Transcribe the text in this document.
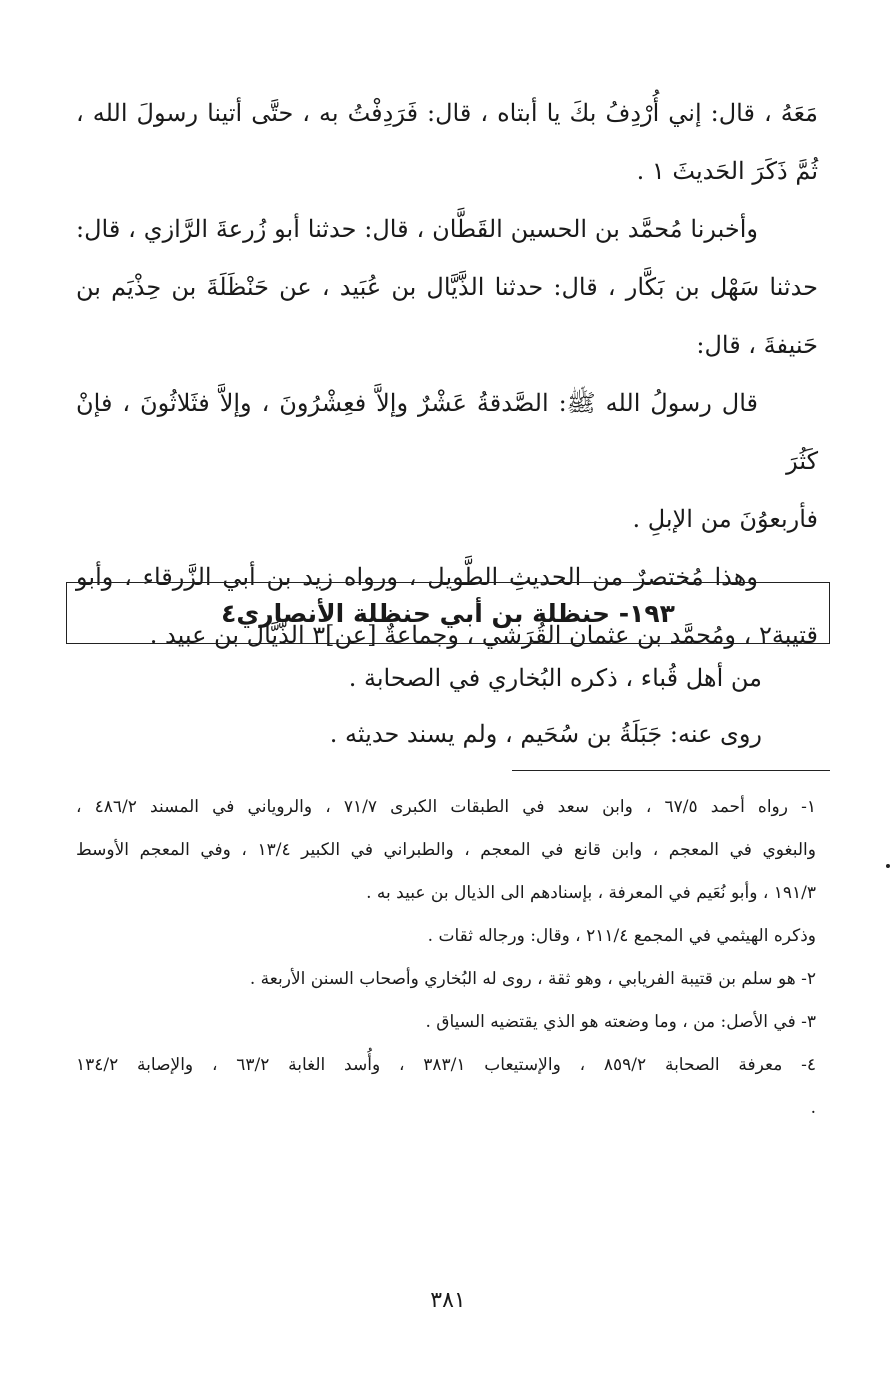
مَعَهُ ، قال: إني أُرْدِفُ بكَ يا أبتاه ، قال: فَرَدِفْتُ به ، حتَّى أتينا رسولَ الله ،

ثُمَّ ذَكَرَ الحَديثَ ١ .

وأخبرنا مُحمَّد بن الحسين القَطَّان ، قال: حدثنا أبو زُرعةَ الرَّازي ، قال:

حدثنا سَهْل بن بَكَّار ، قال: حدثنا الذَّيَّال بن عُبَيد ، عن حَنْظَلَةَ بن حِذْيَم بن

حَنيفةَ ، قال:

قال رسولُ الله ﷺ: الصَّدقةُ عَشْرٌ وإلاَّ فعِشْرُونَ ، وإلاَّ فثَلاثُونَ ، فإنْ كَثُرَ

فأربعوُنَ من الإبلِ .

وهذا مُختصرٌ من الحديثِ الطَّويل ، ورواه زيد بن أبي الزَّرقاء ، وأبو

قتيبة٢ ، ومُحمَّد بن عثمان القُرَشي ، وجماعةٌ [عن]٣ الذَّيَّال بن عبيد .

١٩٣- حنظلة بن أبي حنظلة الأنصاري٤

من أهل قُباء ، ذكره البُخاري في الصحابة .

روى عنه: جَبَلَةُ بن سُحَيم ، ولم يسند حديثه .

١- رواه أحمد ٦٧/٥ ، وابن سعد في الطبقات الكبرى ٧١/٧ ، والروياني في المسند ٤٨٦/٢ ،

والبغوي في المعجم ، وابن قانع في المعجم ، والطبراني في الكبير ١٣/٤ ، وفي المعجم الأوسط

١٩١/٣ ، وأبو نُعَيم في المعرفة ، بإسنادهم الى الذيال بن عبيد به .

وذكره الهيثمي في المجمع ٢١١/٤ ، وقال: ورجاله ثقات .

٢- هو سلم بن قتيبة الفريابي ، وهو ثقة ، روى له البُخاري وأصحاب السنن الأربعة .

٣- في الأصل: من ، وما وضعته هو الذي يقتضيه السياق .

٤- معرفة الصحابة ٨٥٩/٢ ، والإستيعاب ٣٨٣/١ ، وأُسد الغابة ٦٣/٢ ، والإصابة ١٣٤/٢

.

٣٨١
